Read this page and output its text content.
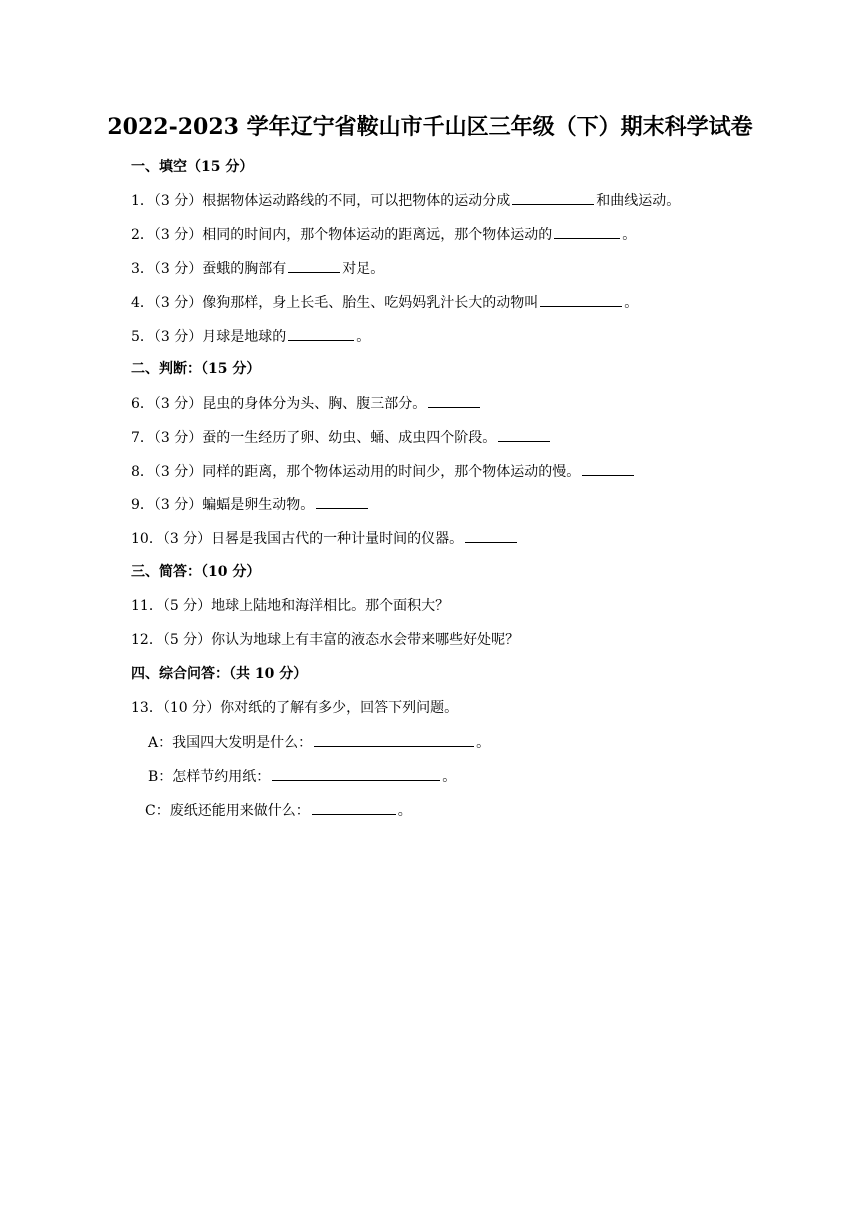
2022-2023 学年辽宁省鞍山市千山区三年级（下）期末科学试卷
一、填空（15 分）
1．（3 分）根据物体运动路线的不同，可以把物体的运动分成	和曲线运动。
2．（3 分）相同的时间内，那个物体运动的距离远，那个物体运动的	。
3．（3 分）蚕蛾的胸部有	对足。
4．（3 分）像狗那样，身上长毛、胎生、吃妈妈乳汁长大的动物叫	。
5．（3 分）月球是地球的	。
二、判断：（15 分）
6．（3 分）昆虫的身体分为头、胸、腹三部分。
7．（3 分）蚕的一生经历了卵、幼虫、蛹、成虫四个阶段。
8．（3 分）同样的距离，那个物体运动用的时间少，那个物体运动的慢。
9．（3 分）蝙蝠是卵生动物。
10．（3 分）日晷是我国古代的一种计量时间的仪器。
三、简答：（10 分）
11．（5 分）地球上陆地和海洋相比。那个面积大？
12．（5 分）你认为地球上有丰富的液态水会带来哪些好处呢？
四、综合问答：（共 10 分）
13．（10 分）你对纸的了解有多少，回答下列问题。
A：我国四大发明是什么：	。
B：怎样节约用纸：	。
C：废纸还能用来做什么：	。
